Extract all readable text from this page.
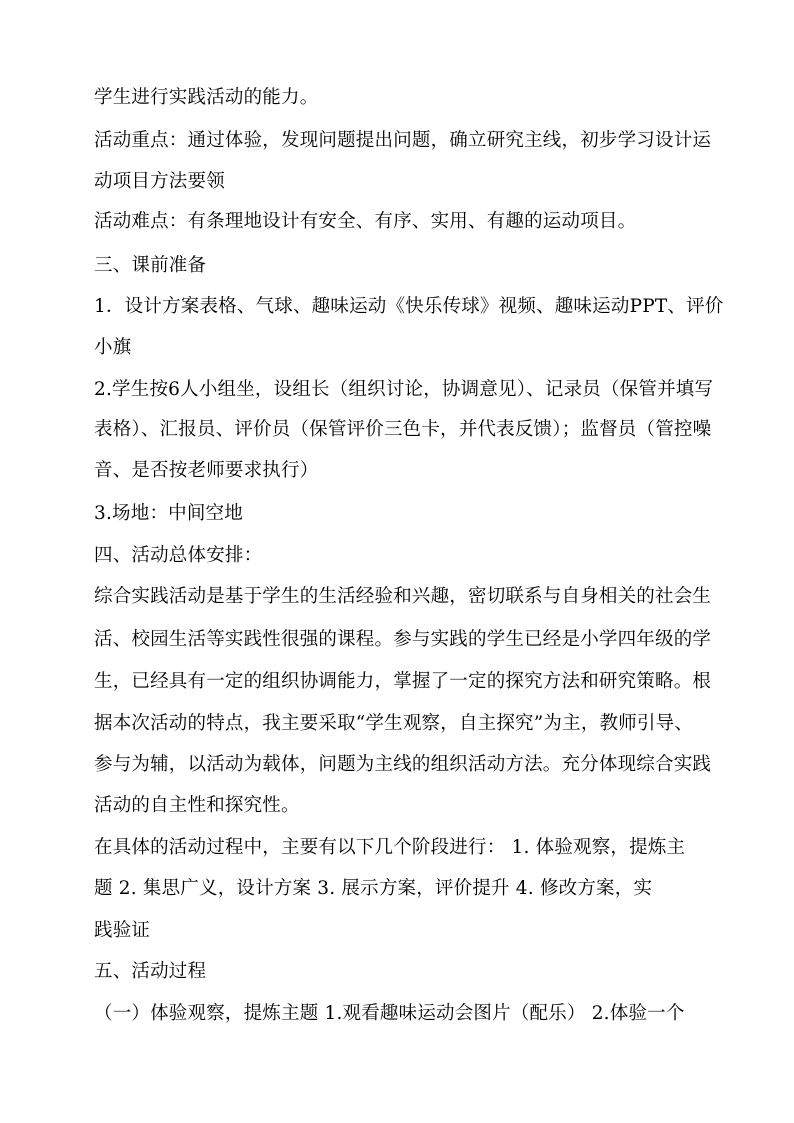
学生进行实践活动的能力。
活动重点：通过体验，发现问题提出问题，确立研究主线，初步学习设计运
动项目方法要领
活动难点：有条理地设计有安全、有序、实用、有趣的运动项目。
三、课前准备
1．设计方案表格、气球、趣味运动《快乐传球》视频、趣味运动PPT、评价
小旗
2.学生按6人小组坐，设组长（组织讨论，协调意见）、记录员（保管并填写
表格）、汇报员、评价员（保管评价三色卡，并代表反馈）；监督员（管控噪
音、是否按老师要求执行）
3.场地：中间空地
四、活动总体安排：
综合实践活动是基于学生的生活经验和兴趣，密切联系与自身相关的社会生
活、校园生活等实践性很强的课程。参与实践的学生已经是小学四年级的学
生，已经具有一定的组织协调能力，掌握了一定的探究方法和研究策略。根
据本次活动的特点，我主要采取“学生观察，自主探究”为主，教师引导、
参与为辅，以活动为载体，问题为主线的组织活动方法。充分体现综合实践
活动的自主性和探究性。
在具体的活动过程中，主要有以下几个阶段进行： 1. 体验观察，提炼主
题 2. 集思广义，设计方案 3. 展示方案，评价提升 4. 修改方案，实
践验证
五、活动过程
（一）体验观察，提炼主题 1.观看趣味运动会图片（配乐） 2.体验一个
